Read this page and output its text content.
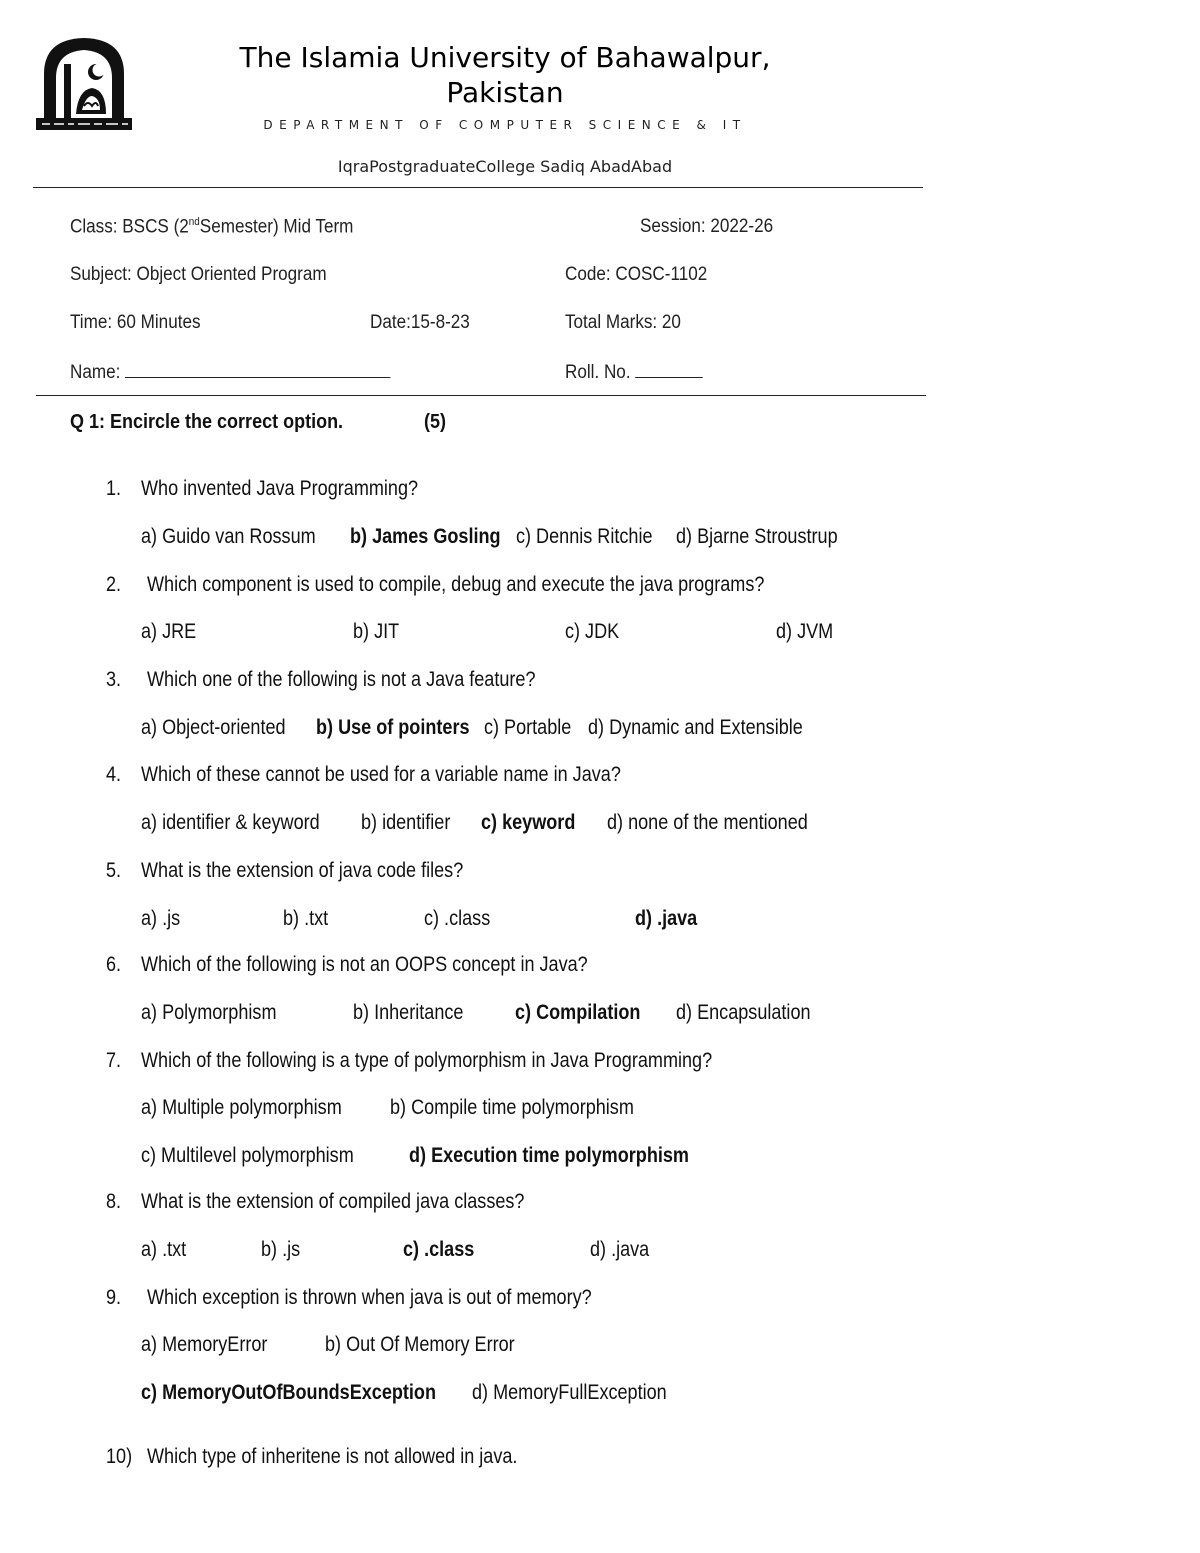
The Islamia University of Bahawalpur,
Pakistan
DEPARTMENT OF COMPUTER SCIENCE & IT
IqraPostgraduateCollege Sadiq AbadAbad
Class: BSCS (2ndSemester) Mid Term	Session: 2022-26
Subject: Object Oriented Program	Code: COSC-1102
Time: 60 Minutes	Date:15-8-23	Total Marks: 20
Name:	Roll. No.
Q 1: Encircle the correct option.	(5)
1. Who invented Java Programming?
a) Guido van Rossum b) James Gosling c) Dennis Ritchie d) Bjarne Stroustrup
2. Which component is used to compile, debug and execute the java programs?
a) JRE	b) JIT	c) JDK	d) JVM
3. Which one of the following is not a Java feature?
a) Object-oriented b) Use of pointers c) Portable d) Dynamic and Extensible
4. Which of these cannot be used for a variable name in Java?
a) identifier & keyword b) identifier c) keyword d) none of the mentioned
5. What is the extension of java code files?
a) .js	b) .txt	c) .class	d) .java
6. Which of the following is not an OOPS concept in Java?
a) Polymorphism	b) Inheritance c) Compilation d) Encapsulation
7. Which of the following is a type of polymorphism in Java Programming?
a) Multiple polymorphism b) Compile time polymorphism
c) Multilevel polymorphism	d) Execution time polymorphism
8. What is the extension of compiled java classes?
a) .txt	b) .js	c) .class	d) .java
9. Which exception is thrown when java is out of memory?
a) MemoryError	b) Out Of Memory Error
c) MemoryOutOfBoundsException d) MemoryFullException
10) Which type of inheritene is not allowed in java.
